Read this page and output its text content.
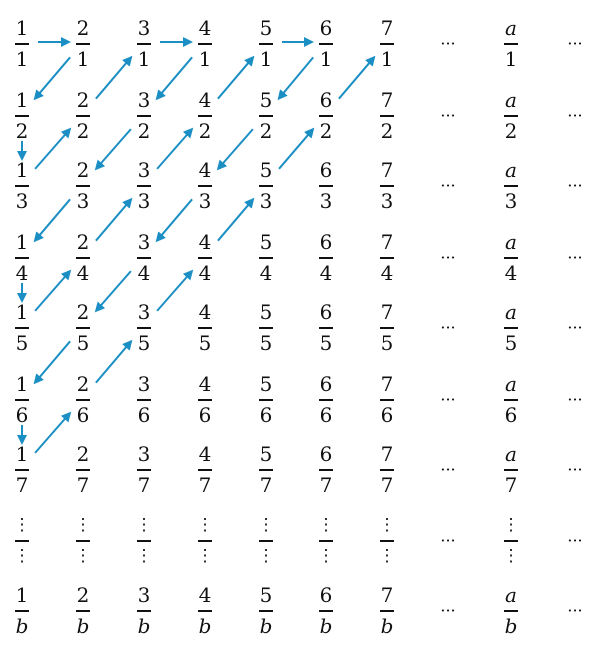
1
1
2
1
3
1
4
1
5
1
6
1
7
1
···
a
1
···
1
2
2
2
3
2
4
2
5
2
6
2
7
2
···
a
2
···
1
3
2
3
3
3
4
3
5
3
6
3
7
3
···
a
3
···
1
4
2
4
3
4
4
4
5
4
6
4
7
4
···
a
4
···
1
5
2
5
3
5
4
5
5
5
6
5
7
5
···
a
5
···
1
6
2
6
3
6
4
6
5
6
6
6
7
6
···
a
6
···
1
7
2
7
3
7
4
7
5
7
6
7
7
7
···
a
7
···
⋮
⋮
⋮
⋮
⋮
⋮
⋮
⋮
⋮
⋮
⋮
⋮
⋮
⋮
···
⋮
⋮
···
1
b
2
b
3
b
4
b
5
b
6
b
7
b
···
a
b
···
